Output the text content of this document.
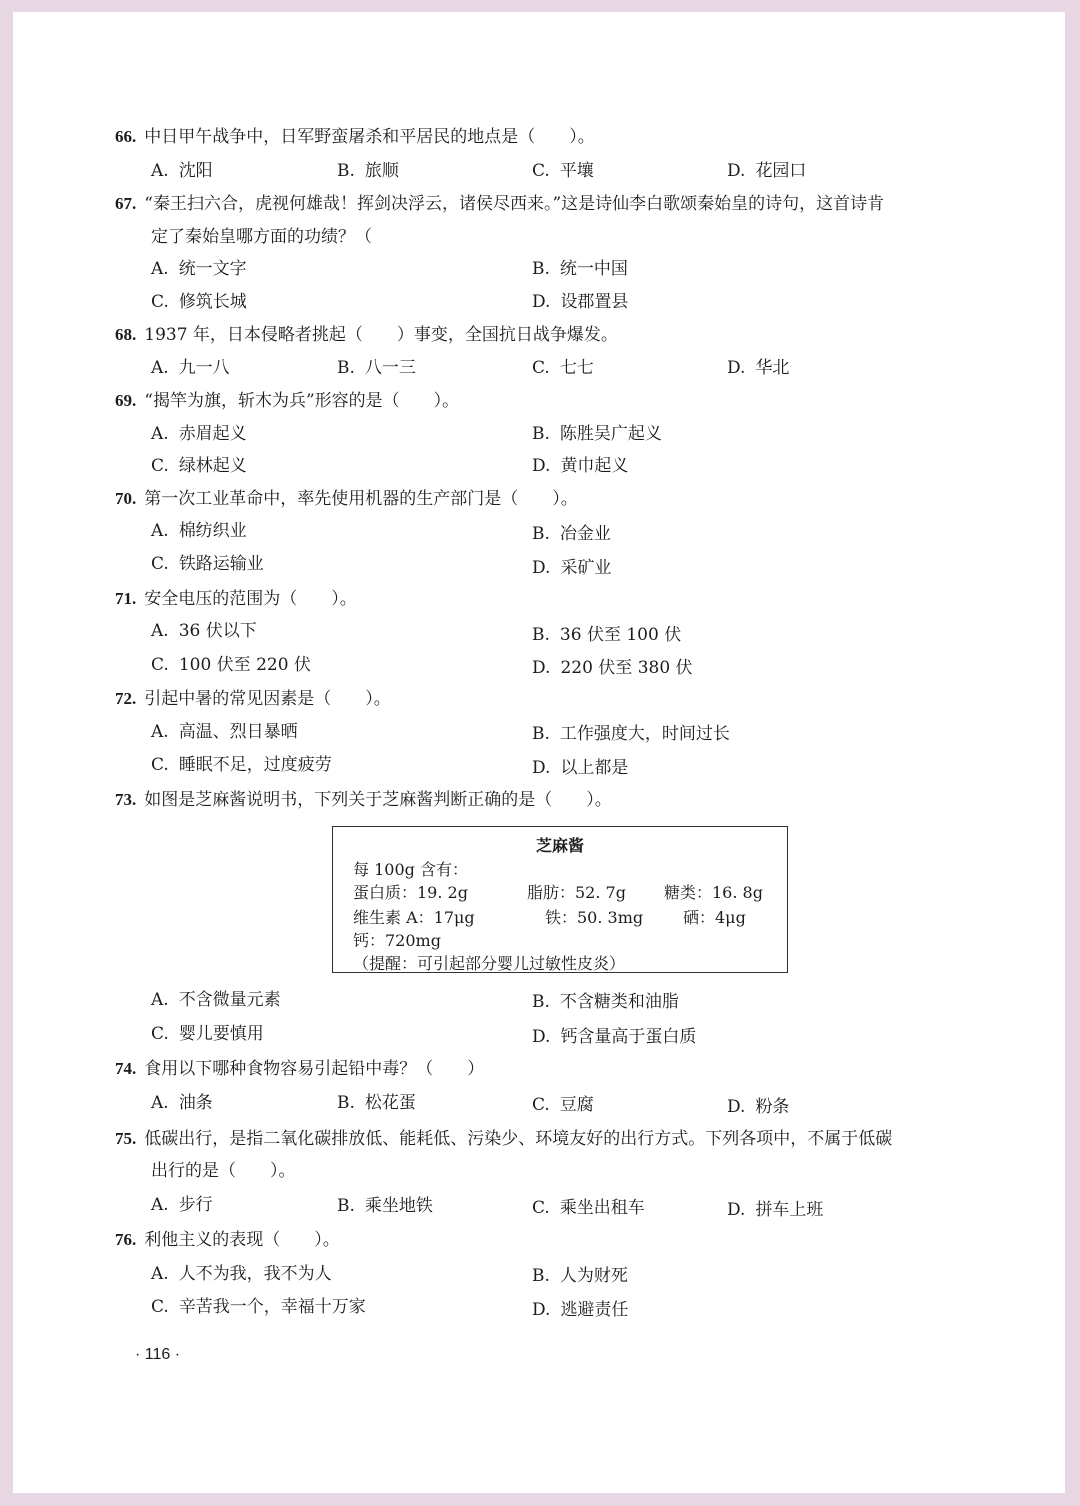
66. 中日甲午战争中，日军野蛮屠杀和平居民的地点是（　　）。
A. 沈阳	B. 旅顺	C. 平壤	D. 花园口
67. “秦王扫六合，虎视何雄哉！挥剑决浮云，诸侯尽西来。”这是诗仙李白歌颂秦始皇的诗句，这首诗肯
定了秦始皇哪方面的功绩？（
A. 统一文字	B. 统一中国
C. 修筑长城	D. 设郡置县
68. 1937 年，日本侵略者挑起（　　）事变，全国抗日战争爆发。
A. 九一八	B. 八一三	C. 七七	D. 华北
69. “揭竿为旗，斩木为兵”形容的是（　　）。
A. 赤眉起义	B. 陈胜吴广起义
C. 绿林起义	D. 黄巾起义
70. 第一次工业革命中，率先使用机器的生产部门是（　　）。
A. 棉纺织业	B. 冶金业
C. 铁路运输业	D. 采矿业
71. 安全电压的范围为（　　）。
A. 36 伏以下	B. 36 伏至 100 伏
C. 100 伏至 220 伏	D. 220 伏至 380 伏
72. 引起中暑的常见因素是（　　）。
A. 高温、烈日暴晒	B. 工作强度大，时间过长
C. 睡眠不足，过度疲劳	D. 以上都是
73. 如图是芝麻酱说明书，下列关于芝麻酱判断正确的是（　　）。
芝麻酱
每 100g 含有：
蛋白质：19. 2g	脂肪：52. 7g 糖类：16. 8g
维生素 A：17μg	铁：50. 3mg 硒：4μg
钙：720mg
（提醒：可引起部分婴儿过敏性皮炎）
A. 不含微量元素	B. 不含糖类和油脂
C. 婴儿要慎用	D. 钙含量高于蛋白质
74. 食用以下哪种食物容易引起铅中毒？（　　）
A. 油条	B. 松花蛋	C. 豆腐	D. 粉条
75. 低碳出行，是指二氧化碳排放低、能耗低、污染少、环境友好的出行方式。下列各项中，不属于低碳
出行的是（　　）。
A. 步行	B. 乘坐地铁	C. 乘坐出租车	D. 拼车上班
76. 利他主义的表现（　　）。
A. 人不为我，我不为人	B. 人为财死
C. 辛苦我一个，幸福十万家	D. 逃避责任
· 116 ·
